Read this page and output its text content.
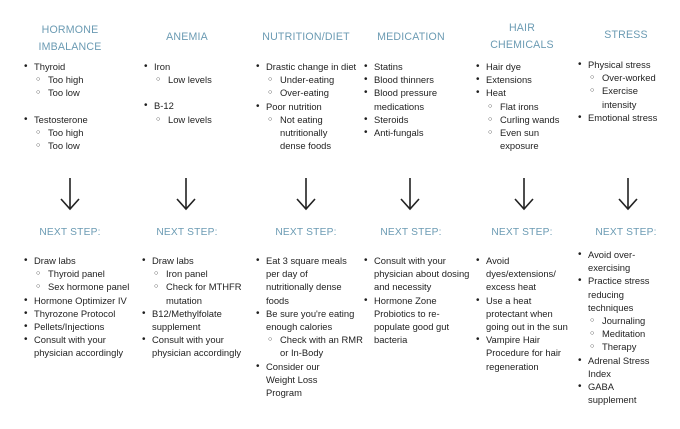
HORMONE IMBALANCE
• Thyroid
○ Too high
○ Too low
• Testosterone
○ Too high
○ Too low
NEXT STEP:
• Draw labs
○ Thyroid panel
○ Sex hormone panel
• Hormone Optimizer IV
• Thyrozone Protocol
• Pellets/Injections
• Consult with your physician accordingly
ANEMIA
• Iron
○ Low levels
• B-12
○ Low levels
NEXT STEP:
• Draw labs
○ Iron panel
○ Check for MTHFR mutation
• B12/Methylfolate supplement
• Consult with your physician accordingly
NUTRITION/DIET
• Drastic change in diet
○ Under-eating
○ Over-eating
• Poor nutrition
○ Not eating nutritionally dense foods
NEXT STEP:
• Eat 3 square meals per day of nutritionally dense foods
• Be sure you're eating enough calories
○ Check with an RMR or In-Body
• Consider our Weight Loss Program
MEDICATION
• Statins
• Blood thinners
• Blood pressure medications
• Steroids
• Anti-fungals
NEXT STEP:
• Consult with your physician about dosing and necessity
• Hormone Zone Probiotics to re-populate good gut bacteria
HAIR CHEMICALS
• Hair dye
• Extensions
• Heat
○ Flat irons
○ Curling wands
○ Even sun exposure
NEXT STEP:
• Avoid dyes/extensions/ excess heat
• Use a heat protectant when going out in the sun
• Vampire Hair Procedure for hair regeneration
STRESS
• Physical stress
○ Over-worked
○ Exercise intensity
• Emotional stress
NEXT STEP:
• Avoid over-exercising
• Practice stress reducing techniques
○ Journaling
○ Meditation
○ Therapy
• Adrenal Stress Index
• GABA supplement
